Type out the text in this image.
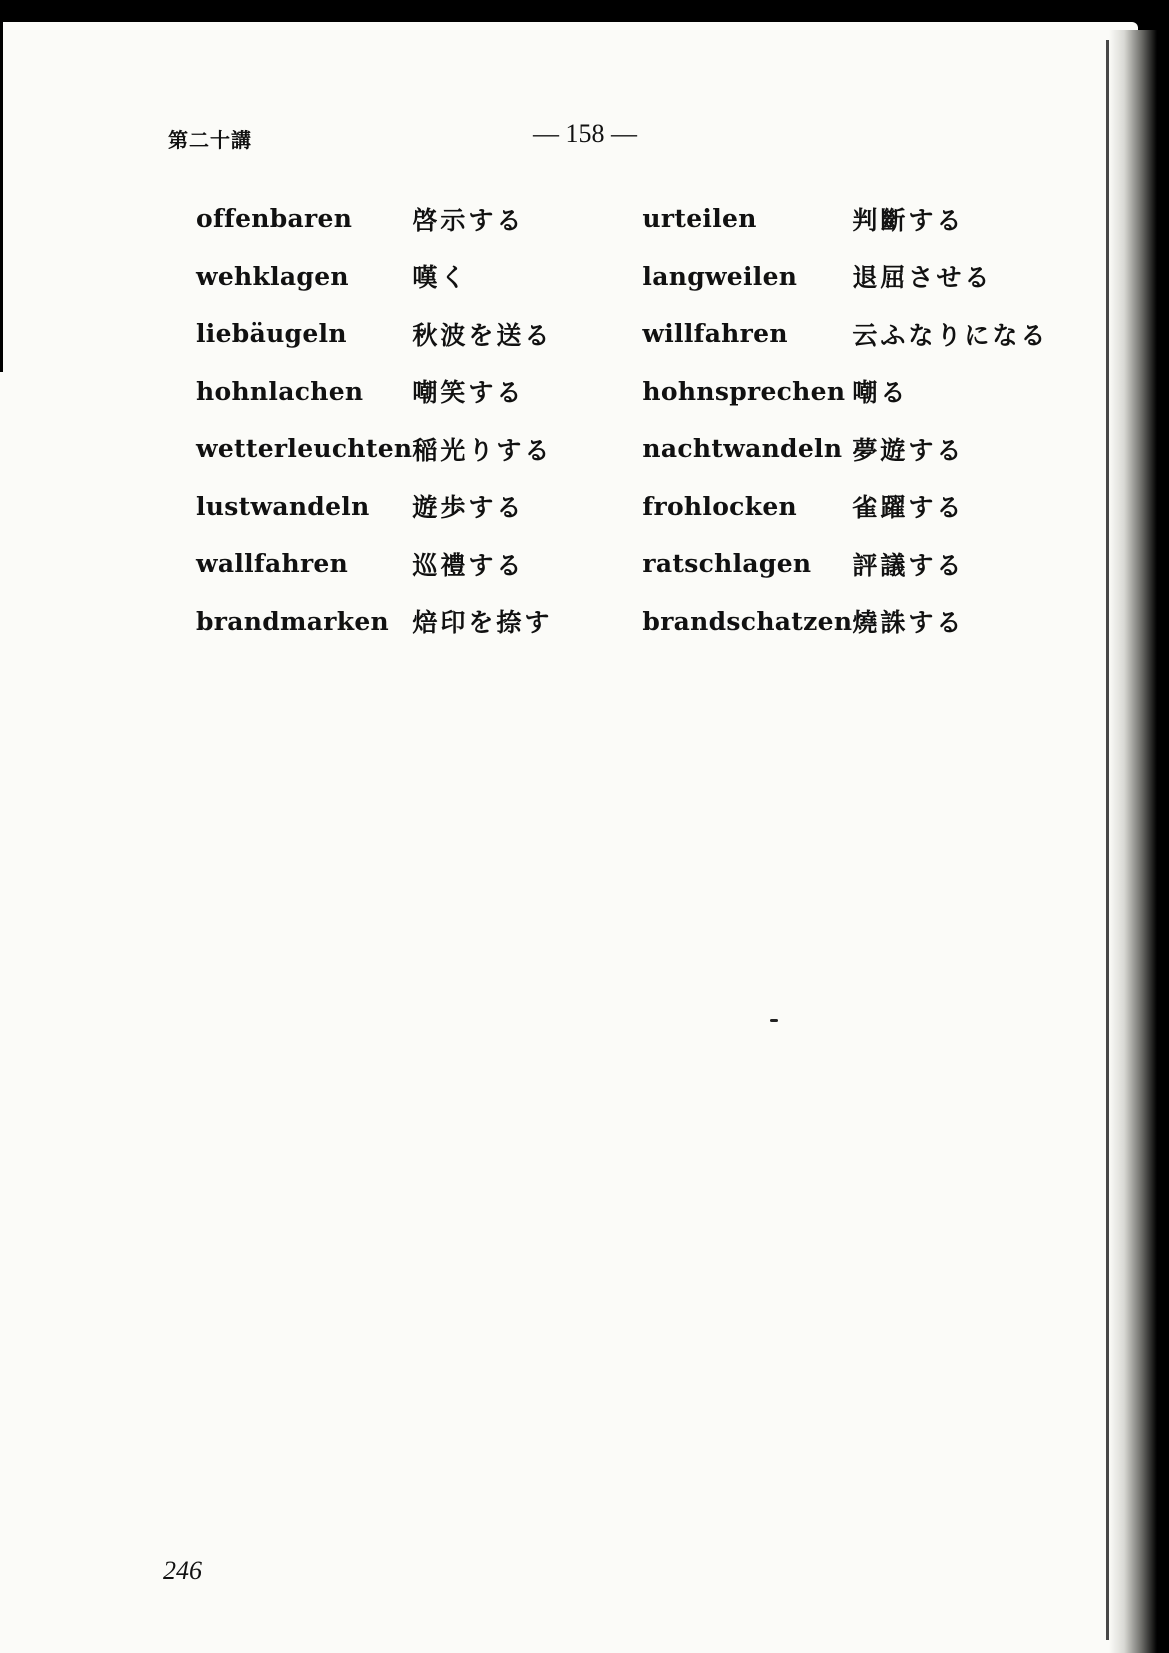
第二十講	— 158 —
offenbaren	啓示する	urteilen	判斷する
wehklagen	嘆く	langweilen	退屈させる
liebäugeln	秋波を送る	willfahren	云ふなりになる
hohnlachen	嘲笑する	hohnsprechen	嘲る
wetterleuchten	稲光りする	nachtwandeln	夢遊する
lustwandeln	遊歩する	frohlocken	雀躍する
wallfahren	巡禮する	ratschlagen	評議する
brandmarken	焙印を捺す	brandschatzen	燒誅する
246
